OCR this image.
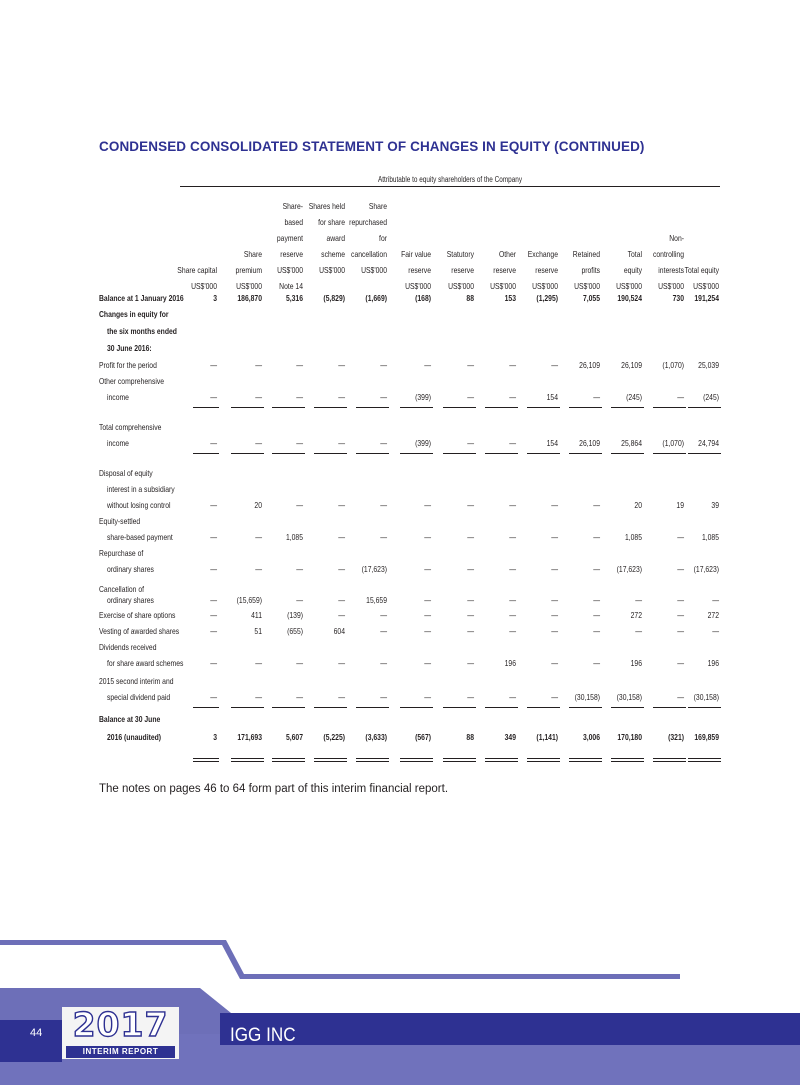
CONDENSED CONSOLIDATED STATEMENT OF CHANGES IN EQUITY (CONTINUED)
Attributable to equity shareholders of the Company
Share capital
US$'000
Share
premium
US$'000
Share-
based
payment
reserve
US$'000
Note 14
Shares held
for share
award
scheme
US$'000
Share
repurchased
for
cancellation
US$'000
Fair value
reserve
US$'000
Statutory
reserve
US$'000
Other
reserve
US$'000
Exchange
reserve
US$'000
Retained
profits
US$'000
Total
equity
US$'000
Non-
controlling
interests
US$'000
Total equity
US$'000
Balance at 1 January 2016	3	186,870	5,316	(5,829)	(1,669)	(168)	88	153	(1,295)	7,055	190,524	730	191,254
Changes in equity for
the six months ended
30 June 2016:
Profit for the period	—	—	—	—	—	—	—	—	—	26,109	26,109	(1,070)	25,039
Other comprehensive
income	—	—	—	—	—	(399)	—	—	154	—	(245)	—	(245)
Total comprehensive
income	—	—	—	—	—	(399)	—	—	154	26,109	25,864	(1,070)	24,794
Disposal of equity
interest in a subsidiary
without losing control	—	20	—	—	—	—	—	—	—	—	20	19	39
Equity-settled
share-based payment	—	—	1,085	—	—	—	—	—	—	—	1,085	—	1,085
Repurchase of
ordinary shares	—	—	—	—	(17,623)	—	—	—	—	—	(17,623)	—	(17,623)
Cancellation of
ordinary shares	—	(15,659)	—	—	15,659	—	—	—	—	—	—	—	—
Exercise of share options	—	411	(139)	—	—	—	—	—	—	—	272	—	272
Vesting of awarded shares	—	51	(655)	604	—	—	—	—	—	—	—	—	—
Dividends received
for share award schemes	—	—	—	—	—	—	—	196	—	—	196	—	196
2015 second interim and
special dividend paid	—	—	—	—	—	—	—	—	—	(30,158)	(30,158)	—	(30,158)
Balance at 30 June
2016 (unaudited)	3	171,693	5,607	(5,225)	(3,633)	(567)	88	349	(1,141)	3,006	170,180	(321)	169,859
The notes on pages 46 to 64 form part of this interim financial report.
44 2017
INTERIM REPORT
IGG INC
